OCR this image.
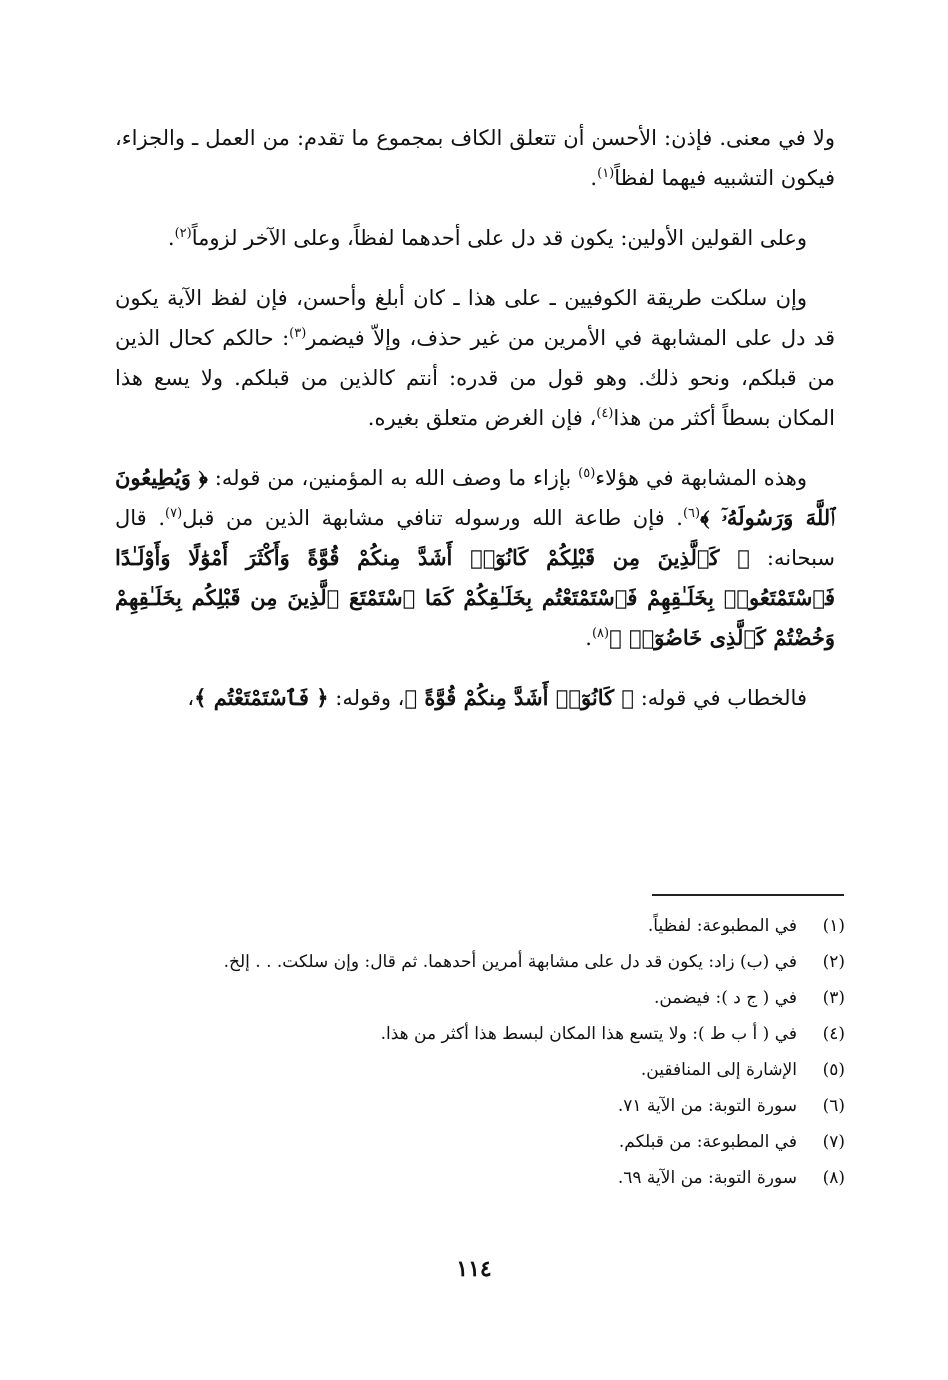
ولا في معنى. فإذن: الأحسن أن تتعلق الكاف بمجموع ما تقدم: من العمل ـ والجزاء، فيكون التشبيه فيهما لفظاً$^{(١)}$.

وعلى القولين الأولين: يكون قد دل على أحدهما لفظاً، وعلى الآخر لزوماً$^{(٢)}$.

وإن سلكت طريقة الكوفيين ـ على هذا ـ كان أبلغ وأحسن، فإن لفظ الآية يكون قد دل على المشابهة في الأمرين من غير حذف، وإلاّ فيضمر$^{(٣)}$: حالكم كحال الذين من قبلكم، ونحو ذلك. وهو قول من قدره: أنتم كالذين من قبلكم. ولا يسع هذا المكان بسطاً أكثر من هذا$^{(٤)}$، فإن الغرض متعلق بغيره.

وهذه المشابهة في هؤلاء$^{(٥)}$ بإزاء ما وصف الله به المؤمنين، من قوله: ﴿ وَيُطِيعُونَ ٱللَّهَ وَرَسُولَهُۥٓ ﴾$^{(٦)}$. فإن طاعة الله ورسوله تنافي مشابهة الذين من قبل$^{(٧)}$. قال سبحانه: ﴿ كَٱلَّذِينَ مِن قَبْلِكُمْ كَانُوٓا۟ أَشَدَّ مِنكُمْ قُوَّةً وَأَكْثَرَ أَمْوَٰلًا وَأَوْلَـٰدًا فَٱسْتَمْتَعُوا۟ بِخَلَـٰقِهِمْ فَٱسْتَمْتَعْتُم بِخَلَـٰقِكُمْ كَمَا ٱسْتَمْتَعَ ٱلَّذِينَ مِن قَبْلِكُم بِخَلَـٰقِهِمْ وَخُضْتُمْ كَٱلَّذِى خَاضُوٓا۟ ﴾$^{(٨)}$.

فالخطاب في قوله: ﴿ كَانُوٓا۟ أَشَدَّ مِنكُمْ قُوَّةً ﴾، وقوله: ﴿ فَٱسْتَمْتَعْتُم ﴾،

(١)
في المطبوعة: لفظياً.
(٢)
في (ب) زاد: يكون قد دل على مشابهة أمرين أحدهما. ثم قال: وإن سلكت. . . إلخ.
(٣)
في ( ج د ): فيضمن.
(٤)
في ( أ ب ط ): ولا يتسع هذا المكان لبسط هذا أكثر من هذا.
(٥)
الإشارة إلى المنافقين.
(٦)
سورة التوبة: من الآية ٧١.
(٧)
في المطبوعة: من قبلكم.
(٨)
سورة التوبة: من الآية ٦٩.
١١٤
